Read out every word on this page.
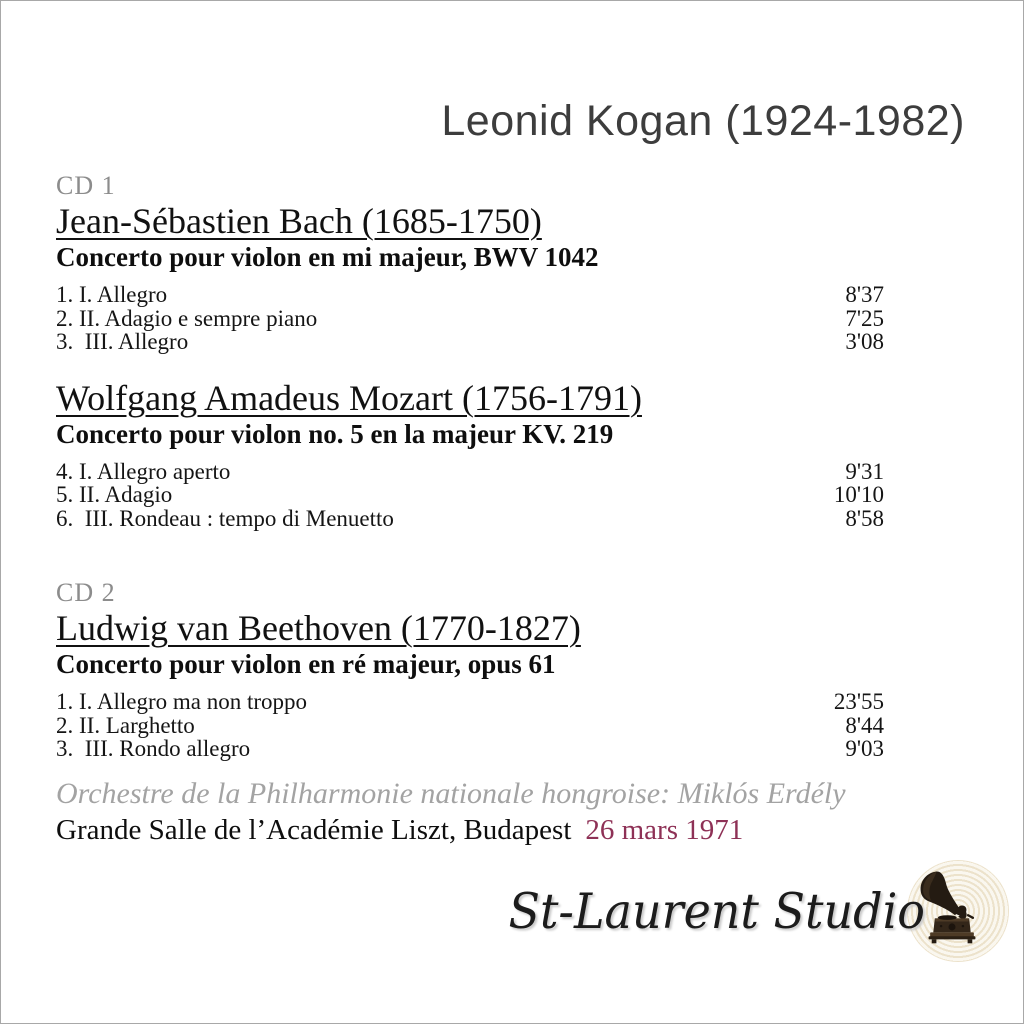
Leonid Kogan (1924-1982)
CD 1
Jean-Sébastien Bach (1685-1750)
Concerto pour violon en mi majeur, BWV 1042
1. I. Allegro	8'37
2. II. Adagio e sempre piano	7'25
3.  III. Allegro	3'08
Wolfgang Amadeus Mozart (1756-1791)
Concerto pour violon no. 5 en la majeur KV. 219
4. I. Allegro aperto	9'31
5. II. Adagio	10'10
6.  III. Rondeau : tempo di Menuetto	8'58
CD 2
Ludwig van Beethoven (1770-1827)
Concerto pour violon en ré majeur, opus 61
1. I. Allegro ma non troppo	23'55
2. II. Larghetto	8'44
3.  III. Rondo allegro	9'03
Orchestre de la Philharmonie nationale hongroise: Miklós Erdély
Grande Salle de l’Académie Liszt, Budapest 26 mars 1971
St-Laurent Studio
